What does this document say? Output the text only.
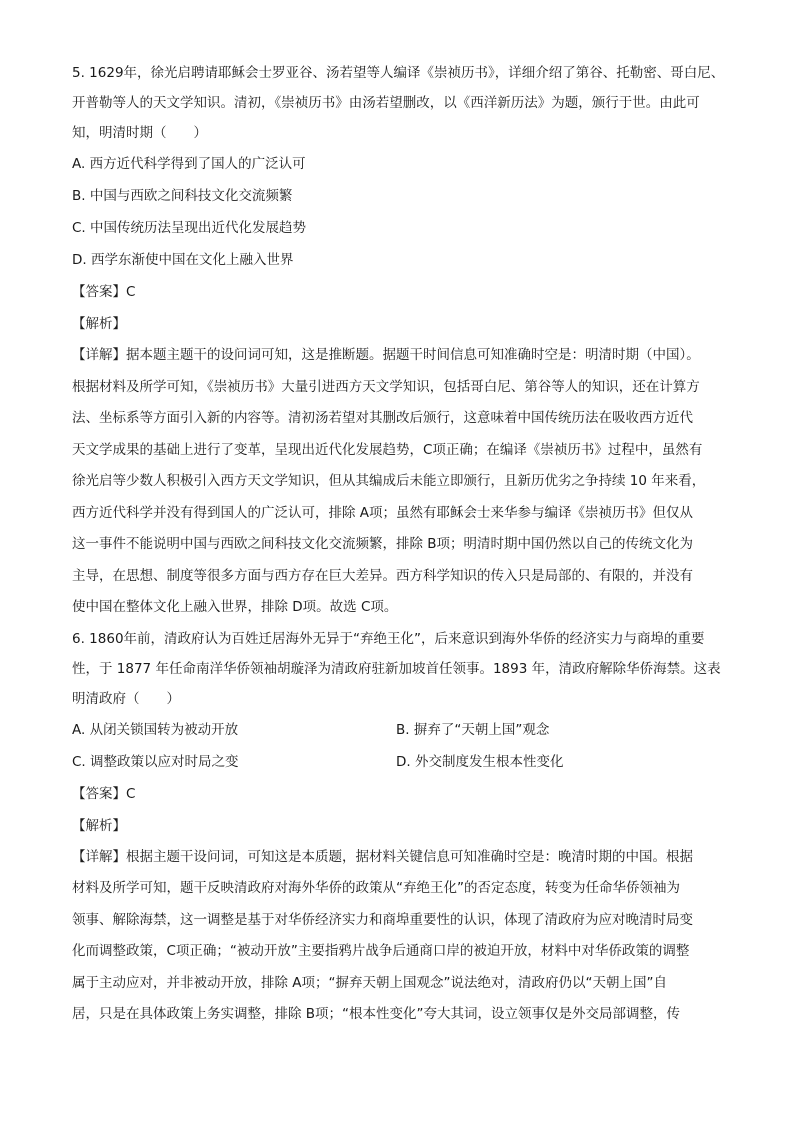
5. 1629年，徐光启聘请耶稣会士罗亚谷、汤若望等人编译《崇祯历书》，详细介绍了第谷、托勒密、哥白尼、

开普勒等人的天文学知识。清初，《崇祯历书》由汤若望删改，以《西洋新历法》为题，颁行于世。由此可

知，明清时期（　　）

A. 西方近代科学得到了国人的广泛认可

B. 中国与西欧之间科技文化交流频繁

C. 中国传统历法呈现出近代化发展趋势

D. 西学东渐使中国在文化上融入世界

【答案】C

【解析】

【详解】据本题主题干的设问词可知，这是推断题。据题干时间信息可知准确时空是：明清时期（中国）。

根据材料及所学可知，《崇祯历书》大量引进西方天文学知识，包括哥白尼、第谷等人的知识，还在计算方

法、坐标系等方面引入新的内容等。清初汤若望对其删改后颁行，这意味着中国传统历法在吸收西方近代

天文学成果的基础上进行了变革，呈现出近代化发展趋势，C项正确；在编译《崇祯历书》过程中，虽然有

徐光启等少数人积极引入西方天文学知识，但从其编成后未能立即颁行，且新历优劣之争持续 10 年来看，

西方近代科学并没有得到国人的广泛认可，排除 A项；虽然有耶稣会士来华参与编译《崇祯历书》但仅从

这一事件不能说明中国与西欧之间科技文化交流频繁，排除 B项；明清时期中国仍然以自己的传统文化为

主导，在思想、制度等很多方面与西方存在巨大差异。西方科学知识的传入只是局部的、有限的，并没有

使中国在整体文化上融入世界，排除 D项。故选 C项。

6. 1860年前，清政府认为百姓迁居海外无异于“弃绝王化”，后来意识到海外华侨的经济实力与商埠的重要

性，于 1877 年任命南洋华侨领袖胡璇泽为清政府驻新加坡首任领事。1893 年，清政府解除华侨海禁。这表

明清政府（　　）

A. 从闭关锁国转为被动开放	B. 摒弃了“天朝上国”观念
C. 调整政策以应对时局之变	D. 外交制度发生根本性变化

【答案】C

【解析】

【详解】根据主题干设问词，可知这是本质题，据材料关键信息可知准确时空是：晚清时期的中国。根据

材料及所学可知，题干反映清政府对海外华侨的政策从“弃绝王化”的否定态度，转变为任命华侨领袖为

领事、解除海禁，这一调整是基于对华侨经济实力和商埠重要性的认识，体现了清政府为应对晚清时局变

化而调整政策，C项正确；“被动开放”主要指鸦片战争后通商口岸的被迫开放，材料中对华侨政策的调整

属于主动应对，并非被动开放，排除 A项；“摒弃天朝上国观念”说法绝对，清政府仍以“天朝上国”自

居，只是在具体政策上务实调整，排除 B项；“根本性变化”夸大其词，设立领事仅是外交局部调整，传
